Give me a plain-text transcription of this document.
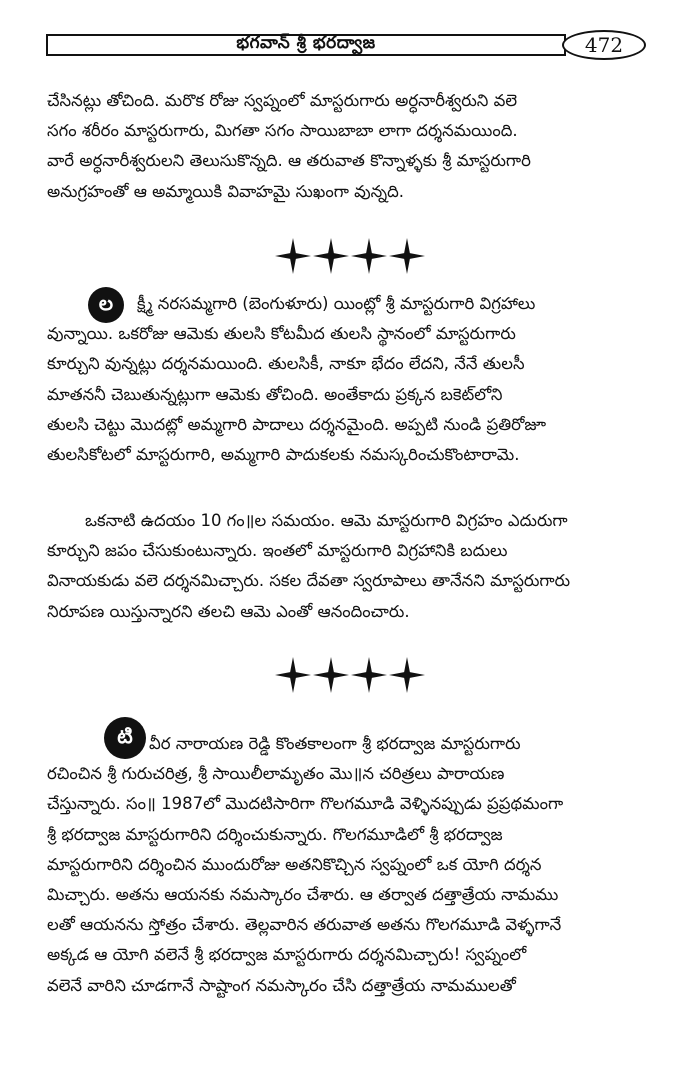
భగవాన్ శ్రీ భరద్వాజ	472
చేసినట్లు తోచింది. మరొక రోజు స్వప్నంలో మాస్టరుగారు అర్ధనారీశ్వరుని వలె
సగం శరీరం మాస్టరుగారు, మిగతా సగం సాయిబాబా లాగా దర్శనమయింది.
వారే అర్ధనారీశ్వరులని తెలుసుకొన్నది. ఆ తరువాత కొన్నాళ్ళకు శ్రీ మాస్టరుగారి
అనుగ్రహంతో ఆ అమ్మాయికి వివాహమై సుఖంగా వున్నది.
ల	క్ష్మీ నరసమ్మగారి (బెంగుళూరు) యింట్లో శ్రీ మాస్టరుగారి విగ్రహాలు
వున్నాయి. ఒకరోజు ఆమెకు తులసి కోటమీద తులసి స్థానంలో మాస్టరుగారు
కూర్చుని వున్నట్లు దర్శనమయింది. తులసికీ, నాకూ భేదం లేదని, నేనే తులసీ
మాతననీ చెబుతున్నట్లుగా ఆమెకు తోచింది. అంతేకాదు ప్రక్కన బకెట్‌లోని
తులసి చెట్టు మొదట్లో అమ్మగారి పాదాలు దర్శనమైంది. అప్పటి నుండి ప్రతిరోజూ
తులసికోటలో మాస్టరుగారి, అమ్మగారి పాదుకలకు నమస్కరించుకొంటారామె.
ఒకనాటి ఉదయం 10 గం॥ల సమయం. ఆమె మాస్టరుగారి విగ్రహం ఎదురుగా
కూర్చుని జపం చేసుకుంటున్నారు. ఇంతలో మాస్టరుగారి విగ్రహానికి బదులు
వినాయకుడు వలె దర్శనమిచ్చారు. సకల దేవతా స్వరూపాలు తానేనని మాస్టరుగారు
నిరూపణ యిస్తున్నారని తలచి ఆమె ఎంతో ఆనందించారు.
టి వీర నారాయణ రెడ్డి కొంతకాలంగా శ్రీ భరద్వాజ మాస్టరుగారు
రచించిన శ్రీ గురుచరిత్ర, శ్రీ సాయిలీలామృతం మొ॥న చరిత్రలు పారాయణ
చేస్తున్నారు. సం॥ 1987లో మొదటిసారిగా గొలగమూడి వెళ్ళినప్పుడు ప్రప్రథమంగా
శ్రీ భరద్వాజ మాస్టరుగారిని దర్శించుకున్నారు. గొలగమూడిలో శ్రీ భరద్వాజ
మాస్టరుగారిని దర్శించిన ముందురోజు అతనికొచ్చిన స్వప్నంలో ఒక యోగి దర్శన
మిచ్చారు. అతను ఆయనకు నమస్కారం చేశారు. ఆ తర్వాత దత్తాత్రేయ నామము
లతో ఆయనను స్తోత్రం చేశారు. తెల్లవారిన తరువాత అతను గొలగమూడి వెళ్ళగానే
అక్కడ ఆ యోగి వలెనే శ్రీ భరద్వాజ మాస్టరుగారు దర్శనమిచ్చారు! స్వప్నంలో
వలెనే వారిని చూడగానే సాష్టాంగ నమస్కారం చేసి దత్తాత్రేయ నామములతో
